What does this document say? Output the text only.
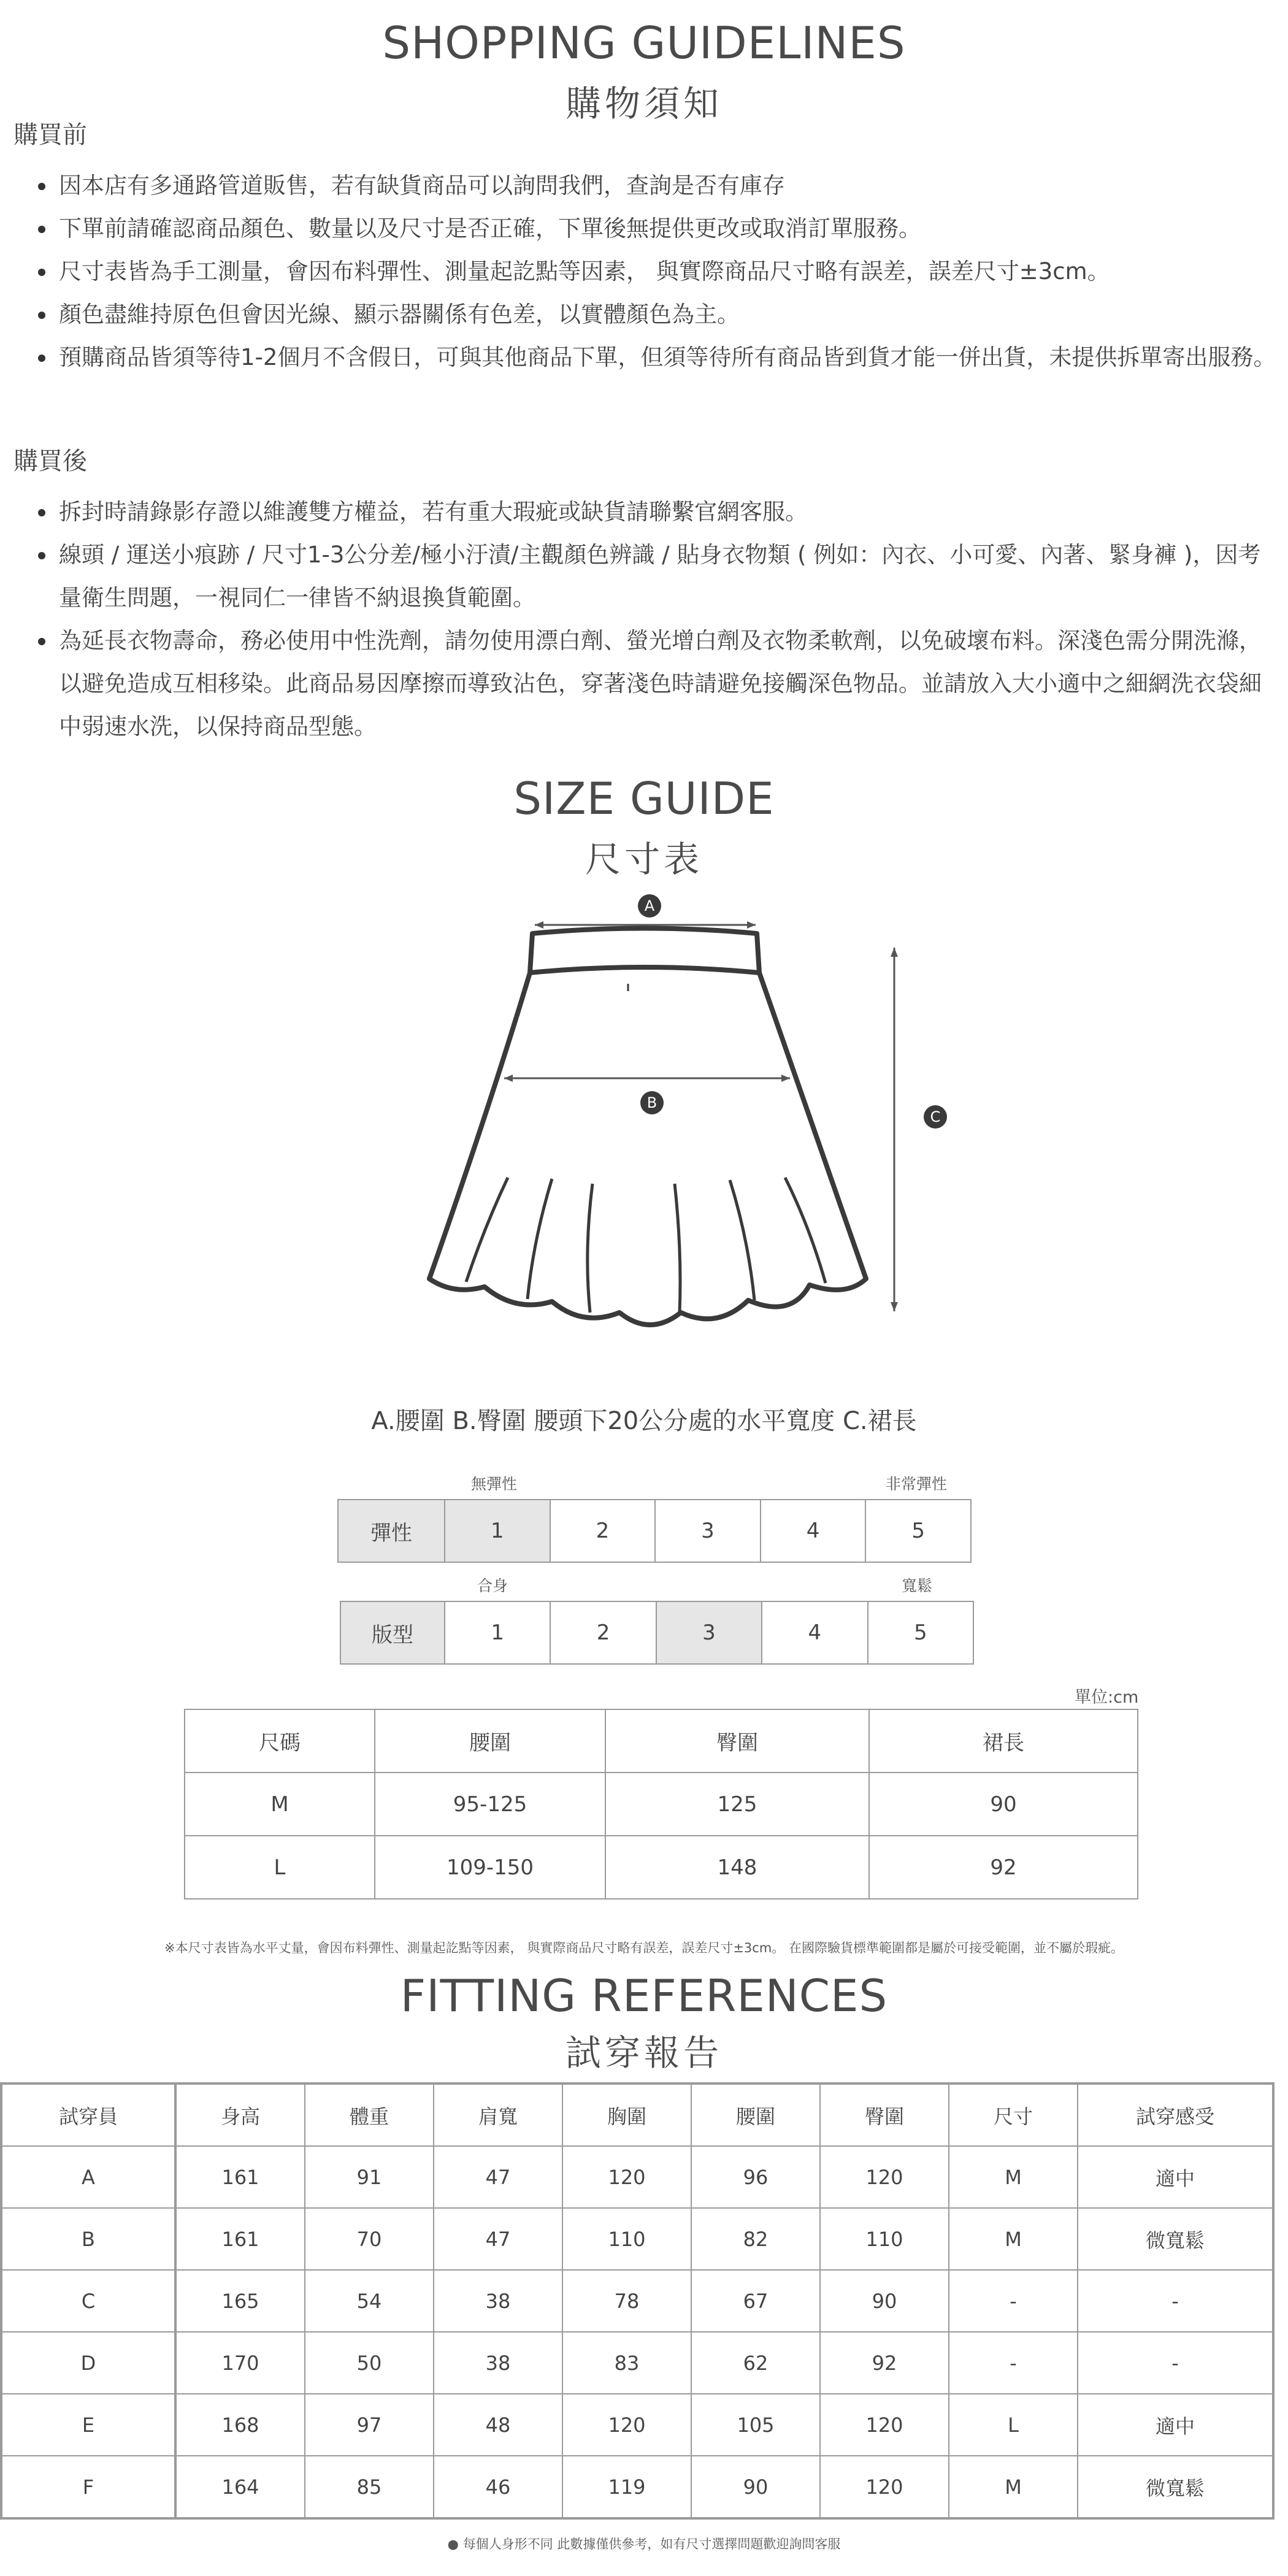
SHOPPING GUIDELINES
購物須知
購買前
因本店有多通路管道販售，若有缺貨商品可以詢問我們，查詢是否有庫存
下單前請確認商品顏色、數量以及尺寸是否正確，下單後無提供更改或取消訂單服務。
尺寸表皆為手工測量，會因布料彈性、測量起訖點等因素， 與實際商品尺寸略有誤差，誤差尺寸±3cm。
顏色盡維持原色但會因光線、顯示器關係有色差，以實體顏色為主。
預購商品皆須等待1-2個月不含假日，可與其他商品下單，但須等待所有商品皆到貨才能一併出貨，未提供拆單寄出服務。
購買後
拆封時請錄影存證以維護雙方權益，若有重大瑕疵或缺貨請聯繫官網客服。
線頭 / 運送小痕跡 / 尺寸1-3公分差/極小汙漬/主觀顏色辨識 / 貼身衣物類 ( 例如：內衣、小可愛、內著、緊身褲 )，因考量衛生問題，一視同仁一律皆不納退換貨範圍。
為延長衣物壽命，務必使用中性洗劑，請勿使用漂白劑、螢光增白劑及衣物柔軟劑，以免破壞布料。深淺色需分開洗滌，以避免造成互相移染。此商品易因摩擦而導致沾色，穿著淺色時請避免接觸深色物品。並請放入大小適中之細網洗衣袋細中弱速水洗，以保持商品型態。
SIZE GUIDE
尺寸表
A
B
C
A.腰圍 B.臀圍 腰頭下20公分處的水平寬度 C.裙長
無彈性	非常彈性
彈性	1	2	3	4	5
合身	寬鬆
版型	1	2	3	4	5
單位:cm
尺碼	腰圍	臀圍	裙長
M	95-125	125	90
L	109-150	148	92
※本尺寸表皆為水平丈量，會因布料彈性、測量起訖點等因素， 與實際商品尺寸略有誤差，誤差尺寸±3cm。 在國際驗貨標準範圍都是屬於可接受範圍，並不屬於瑕疵。
FITTING REFERENCES
試穿報告
試穿員	身高	體重	肩寬	胸圍	腰圍	臀圍	尺寸	試穿感受
A	161	91	47	120	96	120	M	適中
B	161	70	47	110	82	110	M	微寬鬆
C	165	54	38	78	67	90	-	-
D	170	50	38	83	62	92	-	-
E	168	97	48	120	105	120	L	適中
F	164	85	46	119	90	120	M	微寬鬆
● 每個人身形不同 此數據僅供參考，如有尺寸選擇問題歡迎詢問客服
